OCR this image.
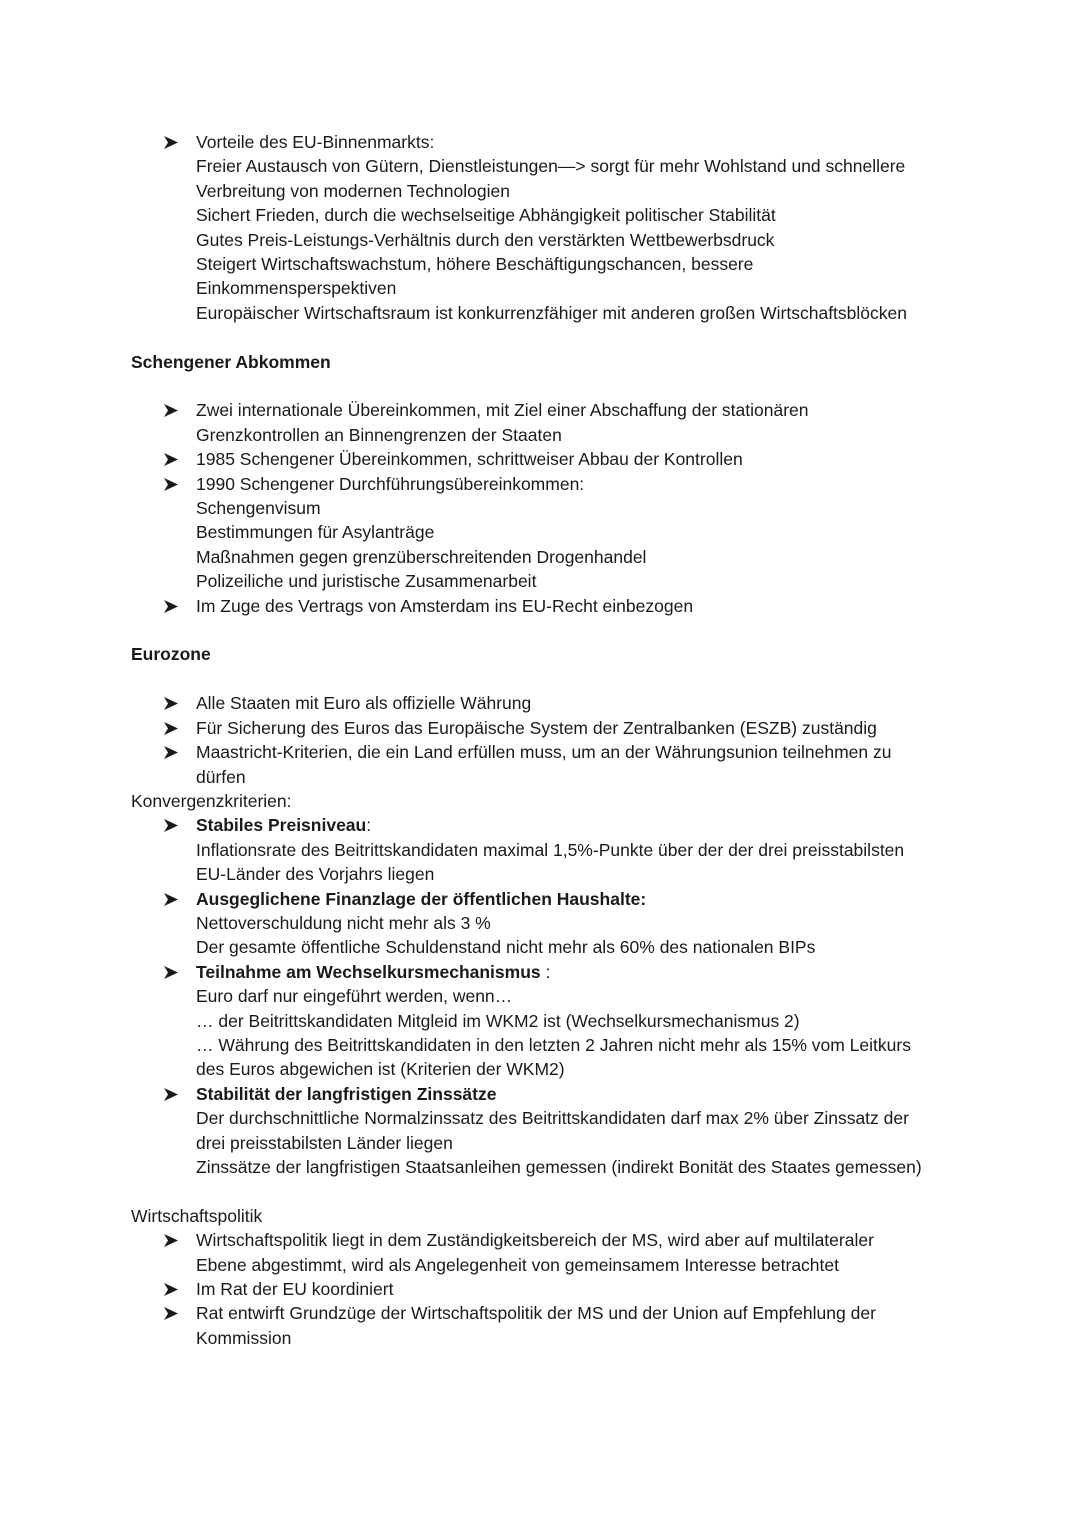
Vorteile des EU-Binnenmarkts:
Freier Austausch von Gütern, Dienstleistungen—> sorgt für mehr Wohlstand und schnellere
Verbreitung von modernen Technologien
Sichert Frieden, durch die wechselseitige Abhängigkeit politischer Stabilität
Gutes Preis-Leistungs-Verhältnis durch den verstärkten Wettbewerbsdruck
Steigert Wirtschaftswachstum, höhere Beschäftigungschancen, bessere
Einkommensperspektiven
Europäischer Wirtschaftsraum ist konkurrenzfähiger mit anderen großen Wirtschaftsblöcken
Schengener Abkommen
Zwei internationale Übereinkommen, mit Ziel einer Abschaffung der stationären
Grenzkontrollen an Binnengrenzen der Staaten
1985 Schengener Übereinkommen, schrittweiser Abbau der Kontrollen
1990 Schengener Durchführungsübereinkommen:
Schengenvisum
Bestimmungen für Asylanträge
Maßnahmen gegen grenzüberschreitenden Drogenhandel
Polizeiliche und juristische Zusammenarbeit
Im Zuge des Vertrags von Amsterdam ins EU-Recht einbezogen
Eurozone
Alle Staaten mit Euro als offizielle Währung
Für Sicherung des Euros das Europäische System der Zentralbanken (ESZB) zuständig
Maastricht-Kriterien, die ein Land erfüllen muss, um an der Währungsunion teilnehmen zu
dürfen
Konvergenzkriterien:
Stabiles Preisniveau:
Inflationsrate des Beitrittskandidaten maximal 1,5%-Punkte über der der drei preisstabilsten
EU-Länder des Vorjahrs liegen
Ausgeglichene Finanzlage der öffentlichen Haushalte:
Nettoverschuldung nicht mehr als 3 %
Der gesamte öffentliche Schuldenstand nicht mehr als 60% des nationalen BIPs
Teilnahme am Wechselkursmechanismus :
Euro darf nur eingeführt werden, wenn…
… der Beitrittskandidaten Mitgleid im WKM2 ist (Wechselkursmechanismus 2)
… Währung des Beitrittskandidaten in den letzten 2 Jahren nicht mehr als 15% vom Leitkurs
des Euros abgewichen ist (Kriterien der WKM2)
Stabilität der langfristigen Zinssätze
Der durchschnittliche Normalzinssatz des Beitrittskandidaten darf max 2% über Zinssatz der
drei preisstabilsten Länder liegen
Zinssätze der langfristigen Staatsanleihen gemessen (indirekt Bonität des Staates gemessen)
Wirtschaftspolitik
Wirtschaftspolitik liegt in dem Zuständigkeitsbereich der MS, wird aber auf multilateraler
Ebene abgestimmt, wird als Angelegenheit von gemeinsamem Interesse betrachtet
Im Rat der EU koordiniert
Rat entwirft Grundzüge der Wirtschaftspolitik der MS und der Union auf Empfehlung der
Kommission
